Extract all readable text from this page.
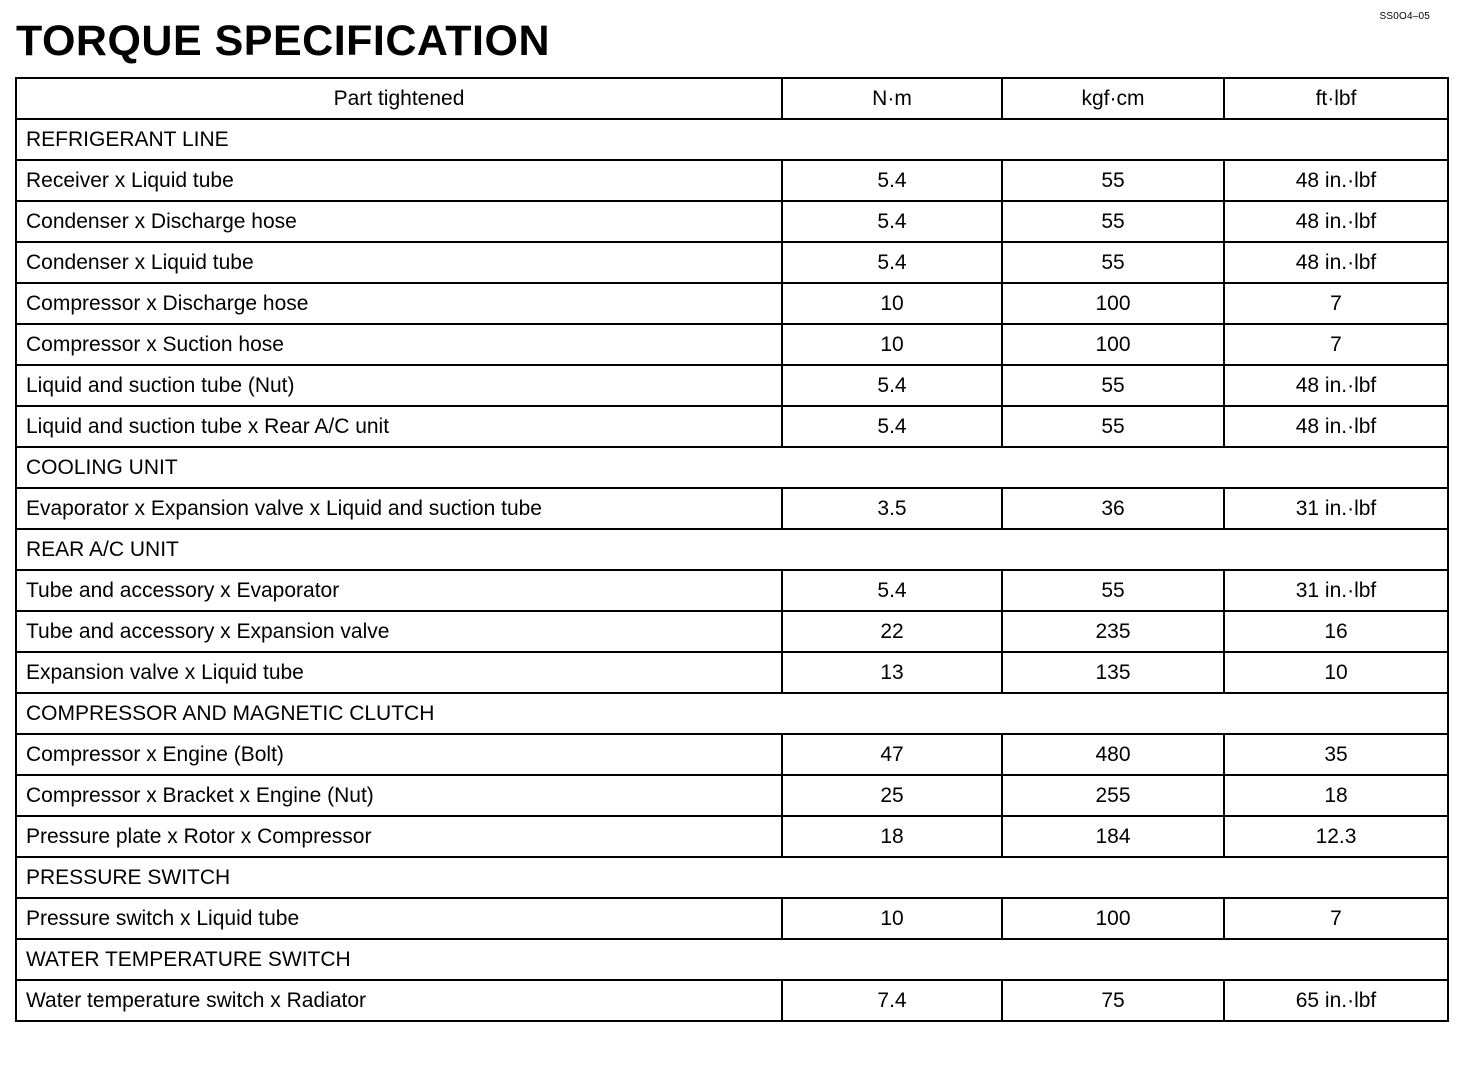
SS0O4–05
TORQUE SPECIFICATION
Part tightened	N·m	kgf·cm	ft·lbf
REFRIGERANT LINE			
Receiver x Liquid tube	5.4	55	48 in.·lbf
Condenser x Discharge hose	5.4	55	48 in.·lbf
Condenser x Liquid tube	5.4	55	48 in.·lbf
Compressor x Discharge hose	10	100	7
Compressor x Suction hose	10	100	7
Liquid and suction tube (Nut)	5.4	55	48 in.·lbf
Liquid and suction tube x Rear A/C unit	5.4	55	48 in.·lbf
COOLING UNIT			
Evaporator x Expansion valve x Liquid and suction tube	3.5	36	31 in.·lbf
REAR A/C UNIT			
Tube and accessory x Evaporator	5.4	55	31 in.·lbf
Tube and accessory x Expansion valve	22	235	16
Expansion valve x Liquid tube	13	135	10
COMPRESSOR AND MAGNETIC CLUTCH			
Compressor x Engine (Bolt)	47	480	35
Compressor x Bracket x Engine (Nut)	25	255	18
Pressure plate x Rotor x Compressor	18	184	12.3
PRESSURE SWITCH			
Pressure switch x Liquid tube	10	100	7
WATER TEMPERATURE SWITCH			
Water temperature switch x Radiator	7.4	75	65 in.·lbf
